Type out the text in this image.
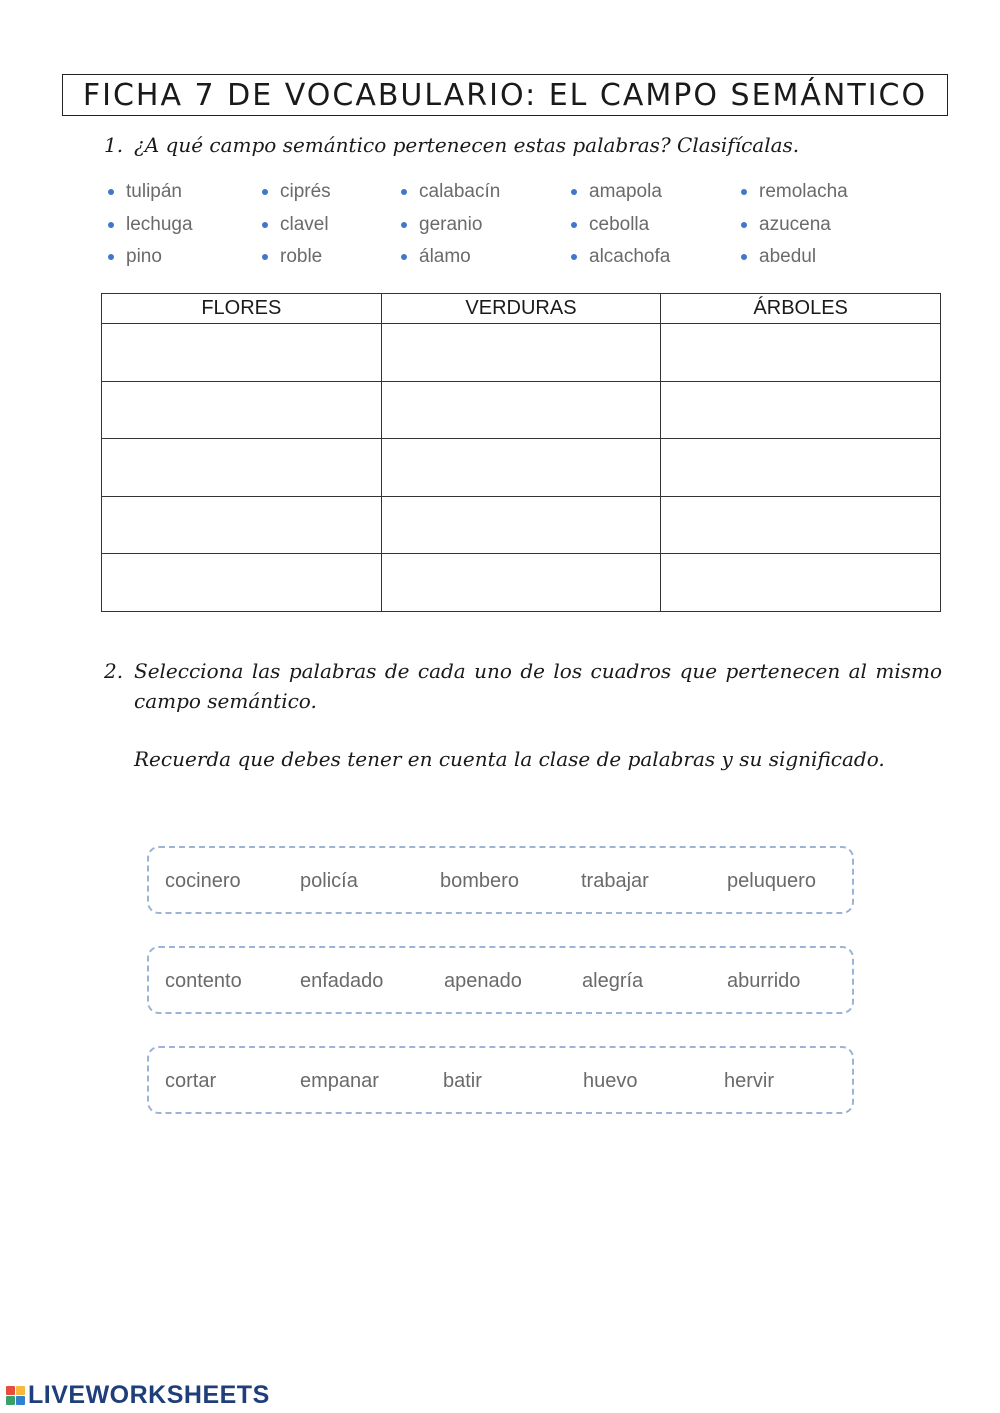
FICHA 7 DE VOCABULARIO: EL CAMPO SEMÁNTICO
1. ¿A qué campo semántico pertenecen estas palabras? Clasifícalas.
tulipán	ciprés	calabacín	amapola	remolacha
lechuga	clavel	geranio	cebolla	azucena
pino	roble	álamo	alcachofa	abedul
FLORES	VERDURAS	ÁRBOLES

2. Selecciona las palabras de cada uno de los cuadros que pertenecen al mismo campo semántico.
Recuerda que debes tener en cuenta la clase de palabras y su significado.
cocinero	policía	bombero	trabajar	peluquero
contento	enfadado	apenado	alegría	aburrido
cortar	empanar	batir	huevo	hervir
LIVEWORKSHEETS
